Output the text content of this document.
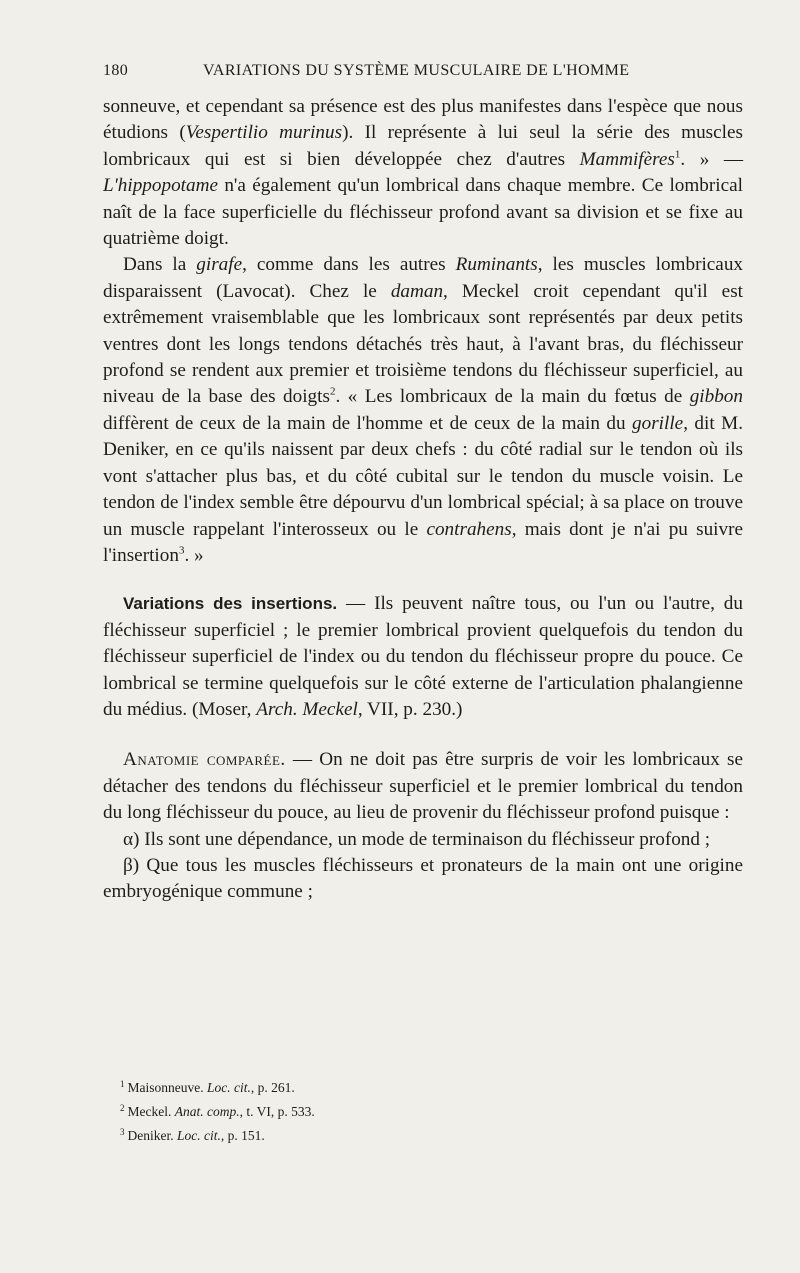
180	VARIATIONS DU SYSTÈME MUSCULAIRE DE L'HOMME

sonneuve, et cependant sa présence est des plus manifestes dans l'espèce que nous étudions (Vespertilio murinus). Il représente à lui seul la série des muscles lombricaux qui est si bien développée chez d'autres Mammifères$^1$. » — L'hippopotame n'a également qu'un lombrical dans chaque membre. Ce lombrical naît de la face superficielle du fléchisseur profond avant sa division et se fixe au quatrième doigt.

Dans la girafe, comme dans les autres Ruminants, les muscles lombricaux disparaissent (Lavocat). Chez le daman, Meckel croit cependant qu'il est extrêmement vraisemblable que les lombricaux sont représentés par deux petits ventres dont les longs tendons détachés très haut, à l'avant bras, du fléchisseur profond se rendent aux premier et troisième tendons du fléchisseur superficiel, au niveau de la base des doigts$^2$. « Les lombricaux de la main du fœtus de gibbon diffèrent de ceux de la main de l'homme et de ceux de la main du gorille, dit M. Deniker, en ce qu'ils naissent par deux chefs : du côté radial sur le tendon où ils vont s'attacher plus bas, et du côté cubital sur le tendon du muscle voisin. Le tendon de l'index semble être dépourvu d'un lombrical spécial; à sa place on trouve un muscle rappelant l'interosseux ou le contrahens, mais dont je n'ai pu suivre l'insertion$^3$. »

Variations des insertions. — Ils peuvent naître tous, ou l'un ou l'autre, du fléchisseur superficiel ; le premier lombrical provient quelquefois du tendon du fléchisseur superficiel de l'index ou du tendon du fléchisseur propre du pouce. Ce lombrical se termine quelquefois sur le côté externe de l'articulation phalangienne du médius. (Moser, Arch. Meckel, VII, p. 230.)

Anatomie comparée. — On ne doit pas être surpris de voir les lombricaux se détacher des tendons du fléchisseur superficiel et le premier lombrical du tendon du long fléchisseur du pouce, au lieu de provenir du fléchisseur profond puisque :

α) Ils sont une dépendance, un mode de terminaison du fléchisseur profond ;

β) Que tous les muscles fléchisseurs et pronateurs de la main ont une origine embryogénique commune ;

$^1$ Maisonneuve. Loc. cit., p. 261.

$^2$ Meckel. Anat. comp., t. VI, p. 533.

$^3$ Deniker. Loc. cit., p. 151.
